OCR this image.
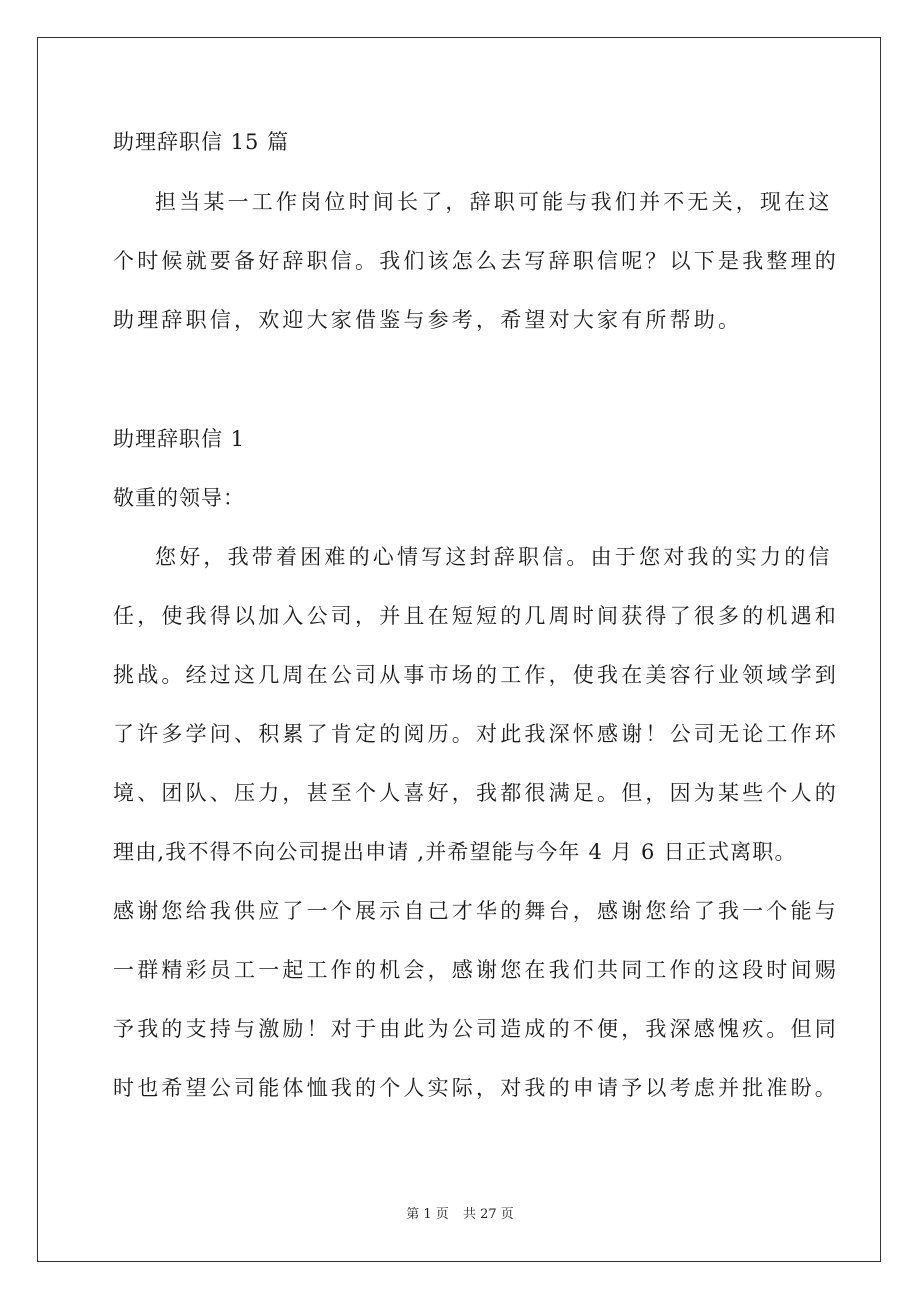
助理辞职信 15 篇
担当某一工作岗位时间长了，辞职可能与我们并不无关，现在这
个时候就要备好辞职信。我们该怎么去写辞职信呢？以下是我整理的
助理辞职信，欢迎大家借鉴与参考，希望对大家有所帮助。
助理辞职信 1
敬重的领导：
您好，我带着困难的心情写这封辞职信。由于您对我的实力的信
任，使我得以加入公司，并且在短短的几周时间获得了很多的机遇和
挑战。经过这几周在公司从事市场的工作，使我在美容行业领域学到
了许多学问、积累了肯定的阅历。对此我深怀感谢！公司无论工作环
境、团队、压力，甚至个人喜好，我都很满足。但，因为某些个人的
理由,我不得不向公司提出申请 ,并希望能与今年 4 月 6 日正式离职。
感谢您给我供应了一个展示自己才华的舞台，感谢您给了我一个能与
一群精彩员工一起工作的机会，感谢您在我们共同工作的这段时间赐
予我的支持与激励！对于由此为公司造成的不便，我深感愧疚。但同
时也希望公司能体恤我的个人实际，对我的申请予以考虑并批准盼。
第 1 页 共 27 页
